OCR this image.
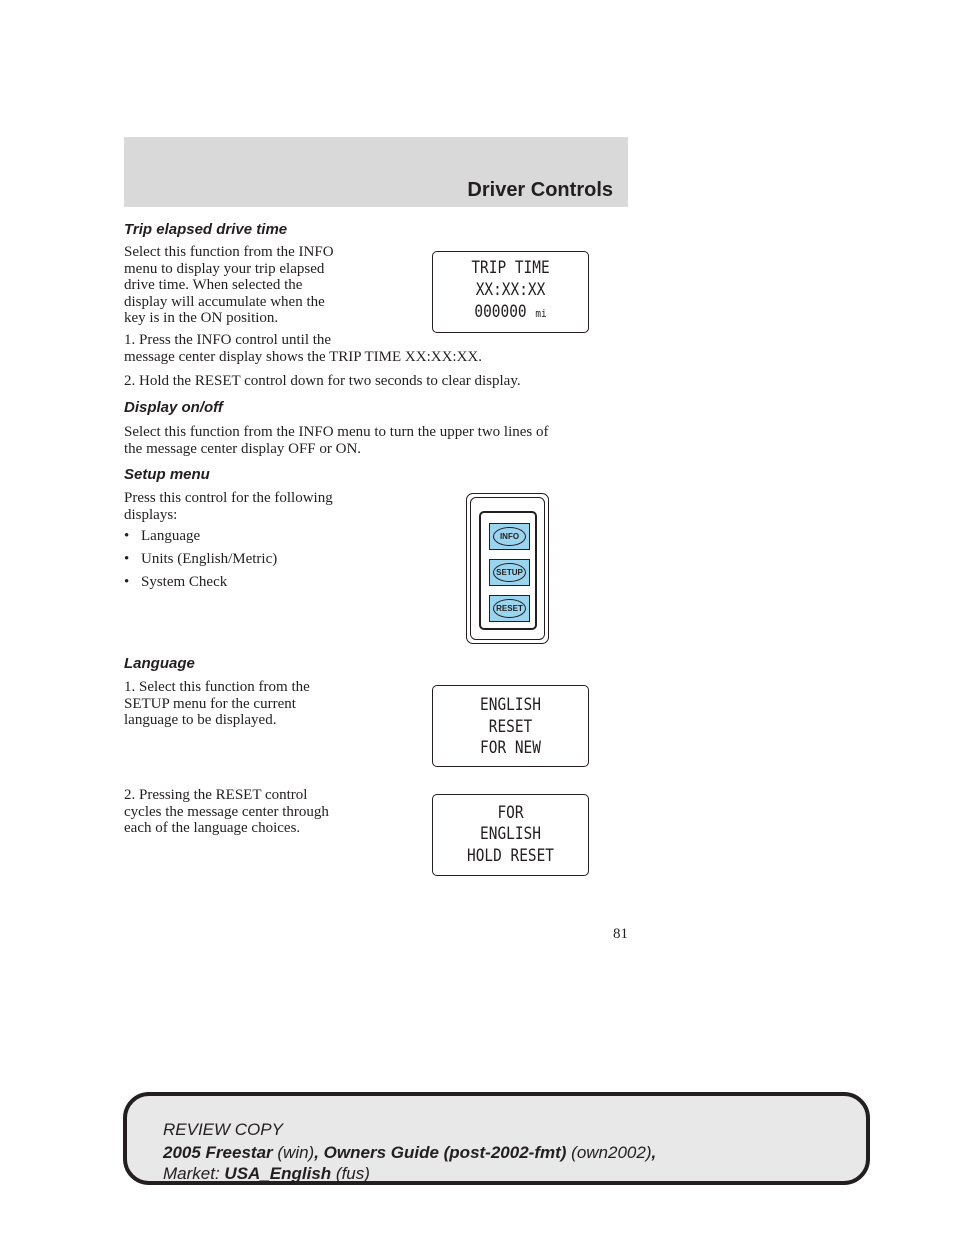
Driver Controls
Trip elapsed drive time
Select this function from the INFO
menu to display your trip elapsed
drive time. When selected the
display will accumulate when the
key is in the ON position.
1. Press the INFO control until the
message center display shows the TRIP TIME XX:XX:XX.
2. Hold the RESET control down for two seconds to clear display.
TRIP TIME
XX:XX:XX
000000 mi
Display on/off
Select this function from the INFO menu to turn the upper two lines of
the message center display OFF or ON.
Setup menu
Press this control for the following
displays:
• Language
• Units (English/Metric)
• System Check
INFO
SETUP
RESET
Language
1. Select this function from the
SETUP menu for the current
language to be displayed.
ENGLISH
RESET
FOR NEW
2. Pressing the RESET control
cycles the message center through
each of the language choices.
FOR
ENGLISH
HOLD RESET
81
REVIEW COPY
2005 Freestar (win), Owners Guide (post-2002-fmt) (own2002),
Market: USA_English (fus)
